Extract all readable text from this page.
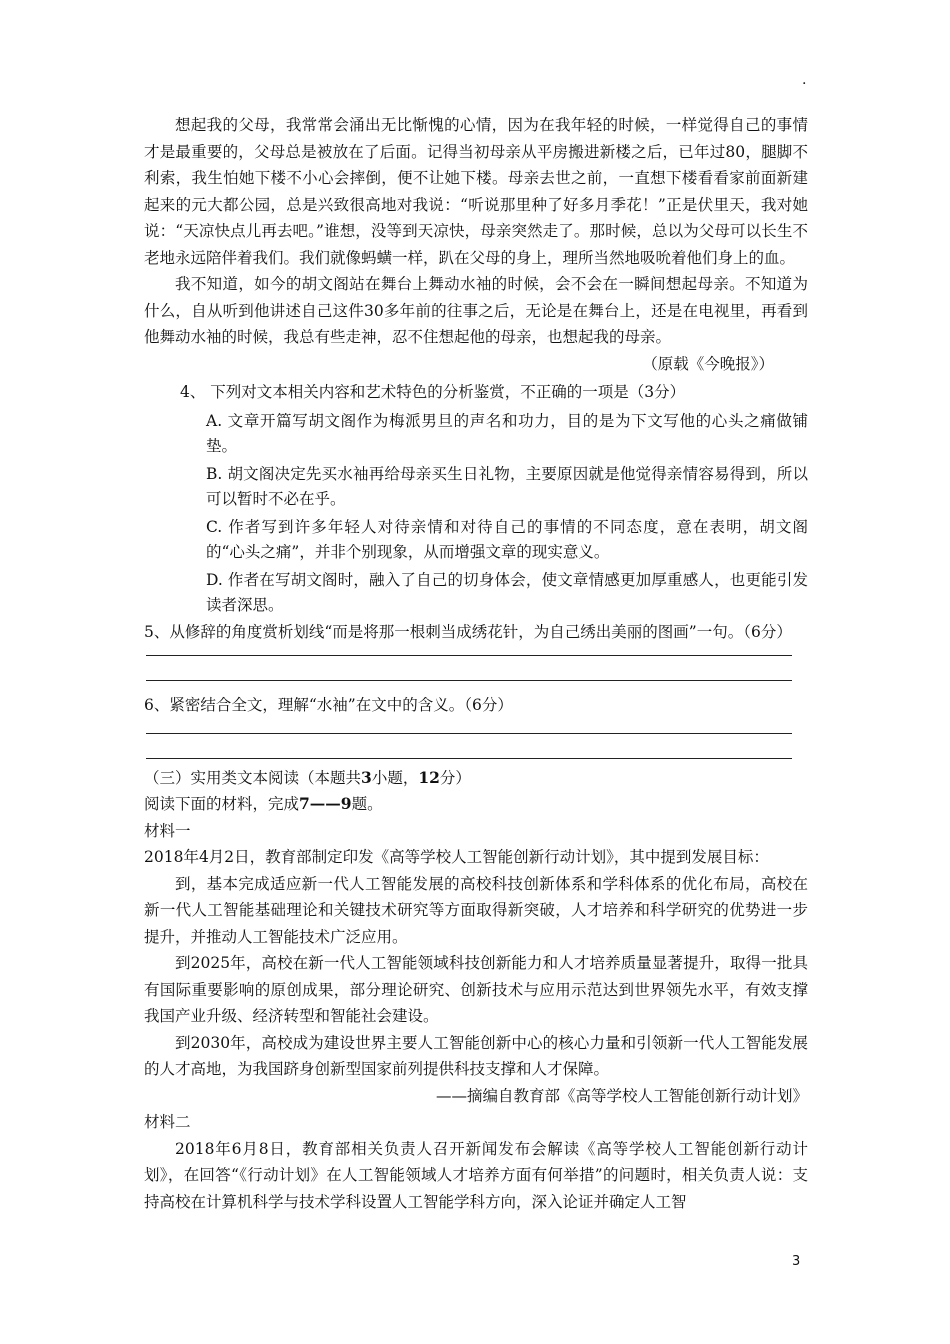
.

想起我的父母，我常常会涌出无比惭愧的心情，因为在我年轻的时候，一样觉得自己的事情才是最重要的，父母总是被放在了后面。记得当初母亲从平房搬进新楼之后，已年过80，腿脚不利索，我生怕她下楼不小心会摔倒，便不让她下楼。母亲去世之前，一直想下楼看看家前面新建起来的元大都公园，总是兴致很高地对我说：“听说那里种了好多月季花！”正是伏里天，我对她说：“天凉快点儿再去吧。”谁想，没等到天凉快，母亲突然走了。那时候，总以为父母可以长生不老地永远陪伴着我们。我们就像蚂蟥一样，趴在父母的身上，理所当然地吸吮着他们身上的血。

我不知道，如今的胡文阁站在舞台上舞动水袖的时候，会不会在一瞬间想起母亲。不知道为什么，自从听到他讲述自己这件30多年前的往事之后，无论是在舞台上，还是在电视里，再看到他舞动水袖的时候，我总有些走神，忍不住想起他的母亲，也想起我的母亲。

（原载《今晚报》）

4、 下列对文本相关内容和艺术特色的分析鉴赏，不正确的一项是（3分）

A. 文章开篇写胡文阁作为梅派男旦的声名和功力，目的是为下文写他的心头之痛做铺垫。

B. 胡文阁决定先买水袖再给母亲买生日礼物，主要原因就是他觉得亲情容易得到，所以可以暂时不必在乎。

C. 作者写到许多年轻人对待亲情和对待自己的事情的不同态度，意在表明，胡文阁的“心头之痛”，并非个别现象，从而增强文章的现实意义。

D. 作者在写胡文阁时，融入了自己的切身体会，使文章情感更加厚重感人，也更能引发读者深思。

5、从修辞的角度赏析划线“而是将那一根刺当成绣花针，为自己绣出美丽的图画”一句。（6分）

6、紧密结合全文，理解“水袖”在文中的含义。（6分）

（三）实用类文本阅读（本题共3小题，12分）

阅读下面的材料，完成7——9题。

材料一

2018年4月2日，教育部制定印发《高等学校人工智能创新行动计划》，其中提到发展目标：

到，基本完成适应新一代人工智能发展的高校科技创新体系和学科体系的优化布局，高校在新一代人工智能基础理论和关键技术研究等方面取得新突破，人才培养和科学研究的优势进一步提升，并推动人工智能技术广泛应用。

到2025年，高校在新一代人工智能领域科技创新能力和人才培养质量显著提升，取得一批具有国际重要影响的原创成果，部分理论研究、创新技术与应用示范达到世界领先水平，有效支撑我国产业升级、经济转型和智能社会建设。

到2030年，高校成为建设世界主要人工智能创新中心的核心力量和引领新一代人工智能发展的人才高地，为我国跻身创新型国家前列提供科技支撑和人才保障。

——摘编自教育部《高等学校人工智能创新行动计划》

材料二

2018年6月8日，教育部相关负责人召开新闻发布会解读《高等学校人工智能创新行动计划》，在回答“《行动计划》在人工智能领域人才培养方面有何举措”的问题时，相关负责人说：支持高校在计算机科学与技术学科设置人工智能学科方向，深入论证并确定人工智

3
